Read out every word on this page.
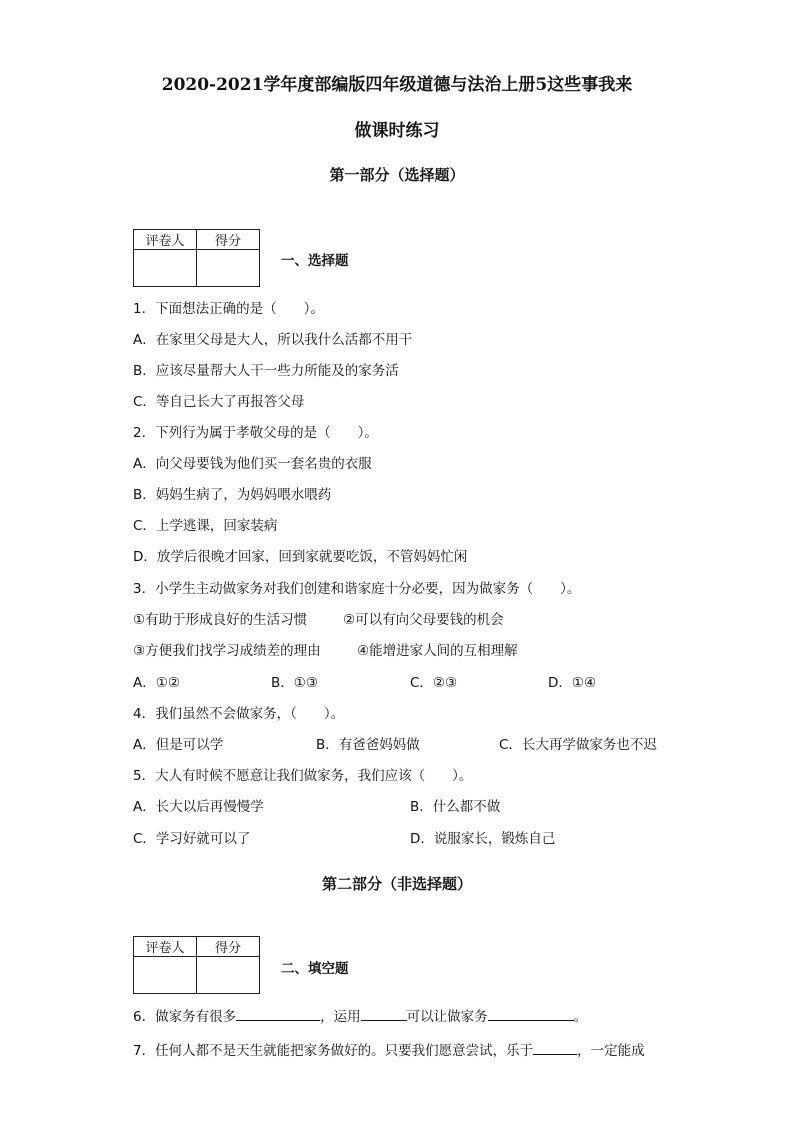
2020-2021学年度部编版四年级道德与法治上册5这些事我来
做课时练习
第一部分（选择题）
评卷人	得分

一、选择题
1．下面想法正确的是（　　）。
A．在家里父母是大人，所以我什么活都不用干
B．应该尽量帮大人干一些力所能及的家务活
C．等自己长大了再报答父母
2．下列行为属于孝敬父母的是（　　）。
A．向父母要钱为他们买一套名贵的衣服
B．妈妈生病了，为妈妈喂水喂药
C．上学逃课，回家装病
D．放学后很晚才回家，回到家就要吃饭，不管妈妈忙闲
3．小学生主动做家务对我们创建和谐家庭十分必要，因为做家务（　　）。
①有助于形成良好的生活习惯	②可以有向父母要钱的机会
③方便我们找学习成绩差的理由	④能增进家人间的互相理解
A．①②	B．①③	C．②③	D．①④
4．我们虽然不会做家务，（　　）。
A．但是可以学	B．有爸爸妈妈做	C．长大再学做家务也不迟
5．大人有时候不愿意让我们做家务，我们应该（　　）。
A．长大以后再慢慢学	B．什么都不做
C．学习好就可以了	D．说服家长，锻炼自己
第二部分（非选择题）
评卷人	得分

二、填空题
6．做家务有很多	，运用	可以让做家务	。
7．任何人都不是天生就能把家务做好的。只要我们愿意尝试，乐于	，一定能成
